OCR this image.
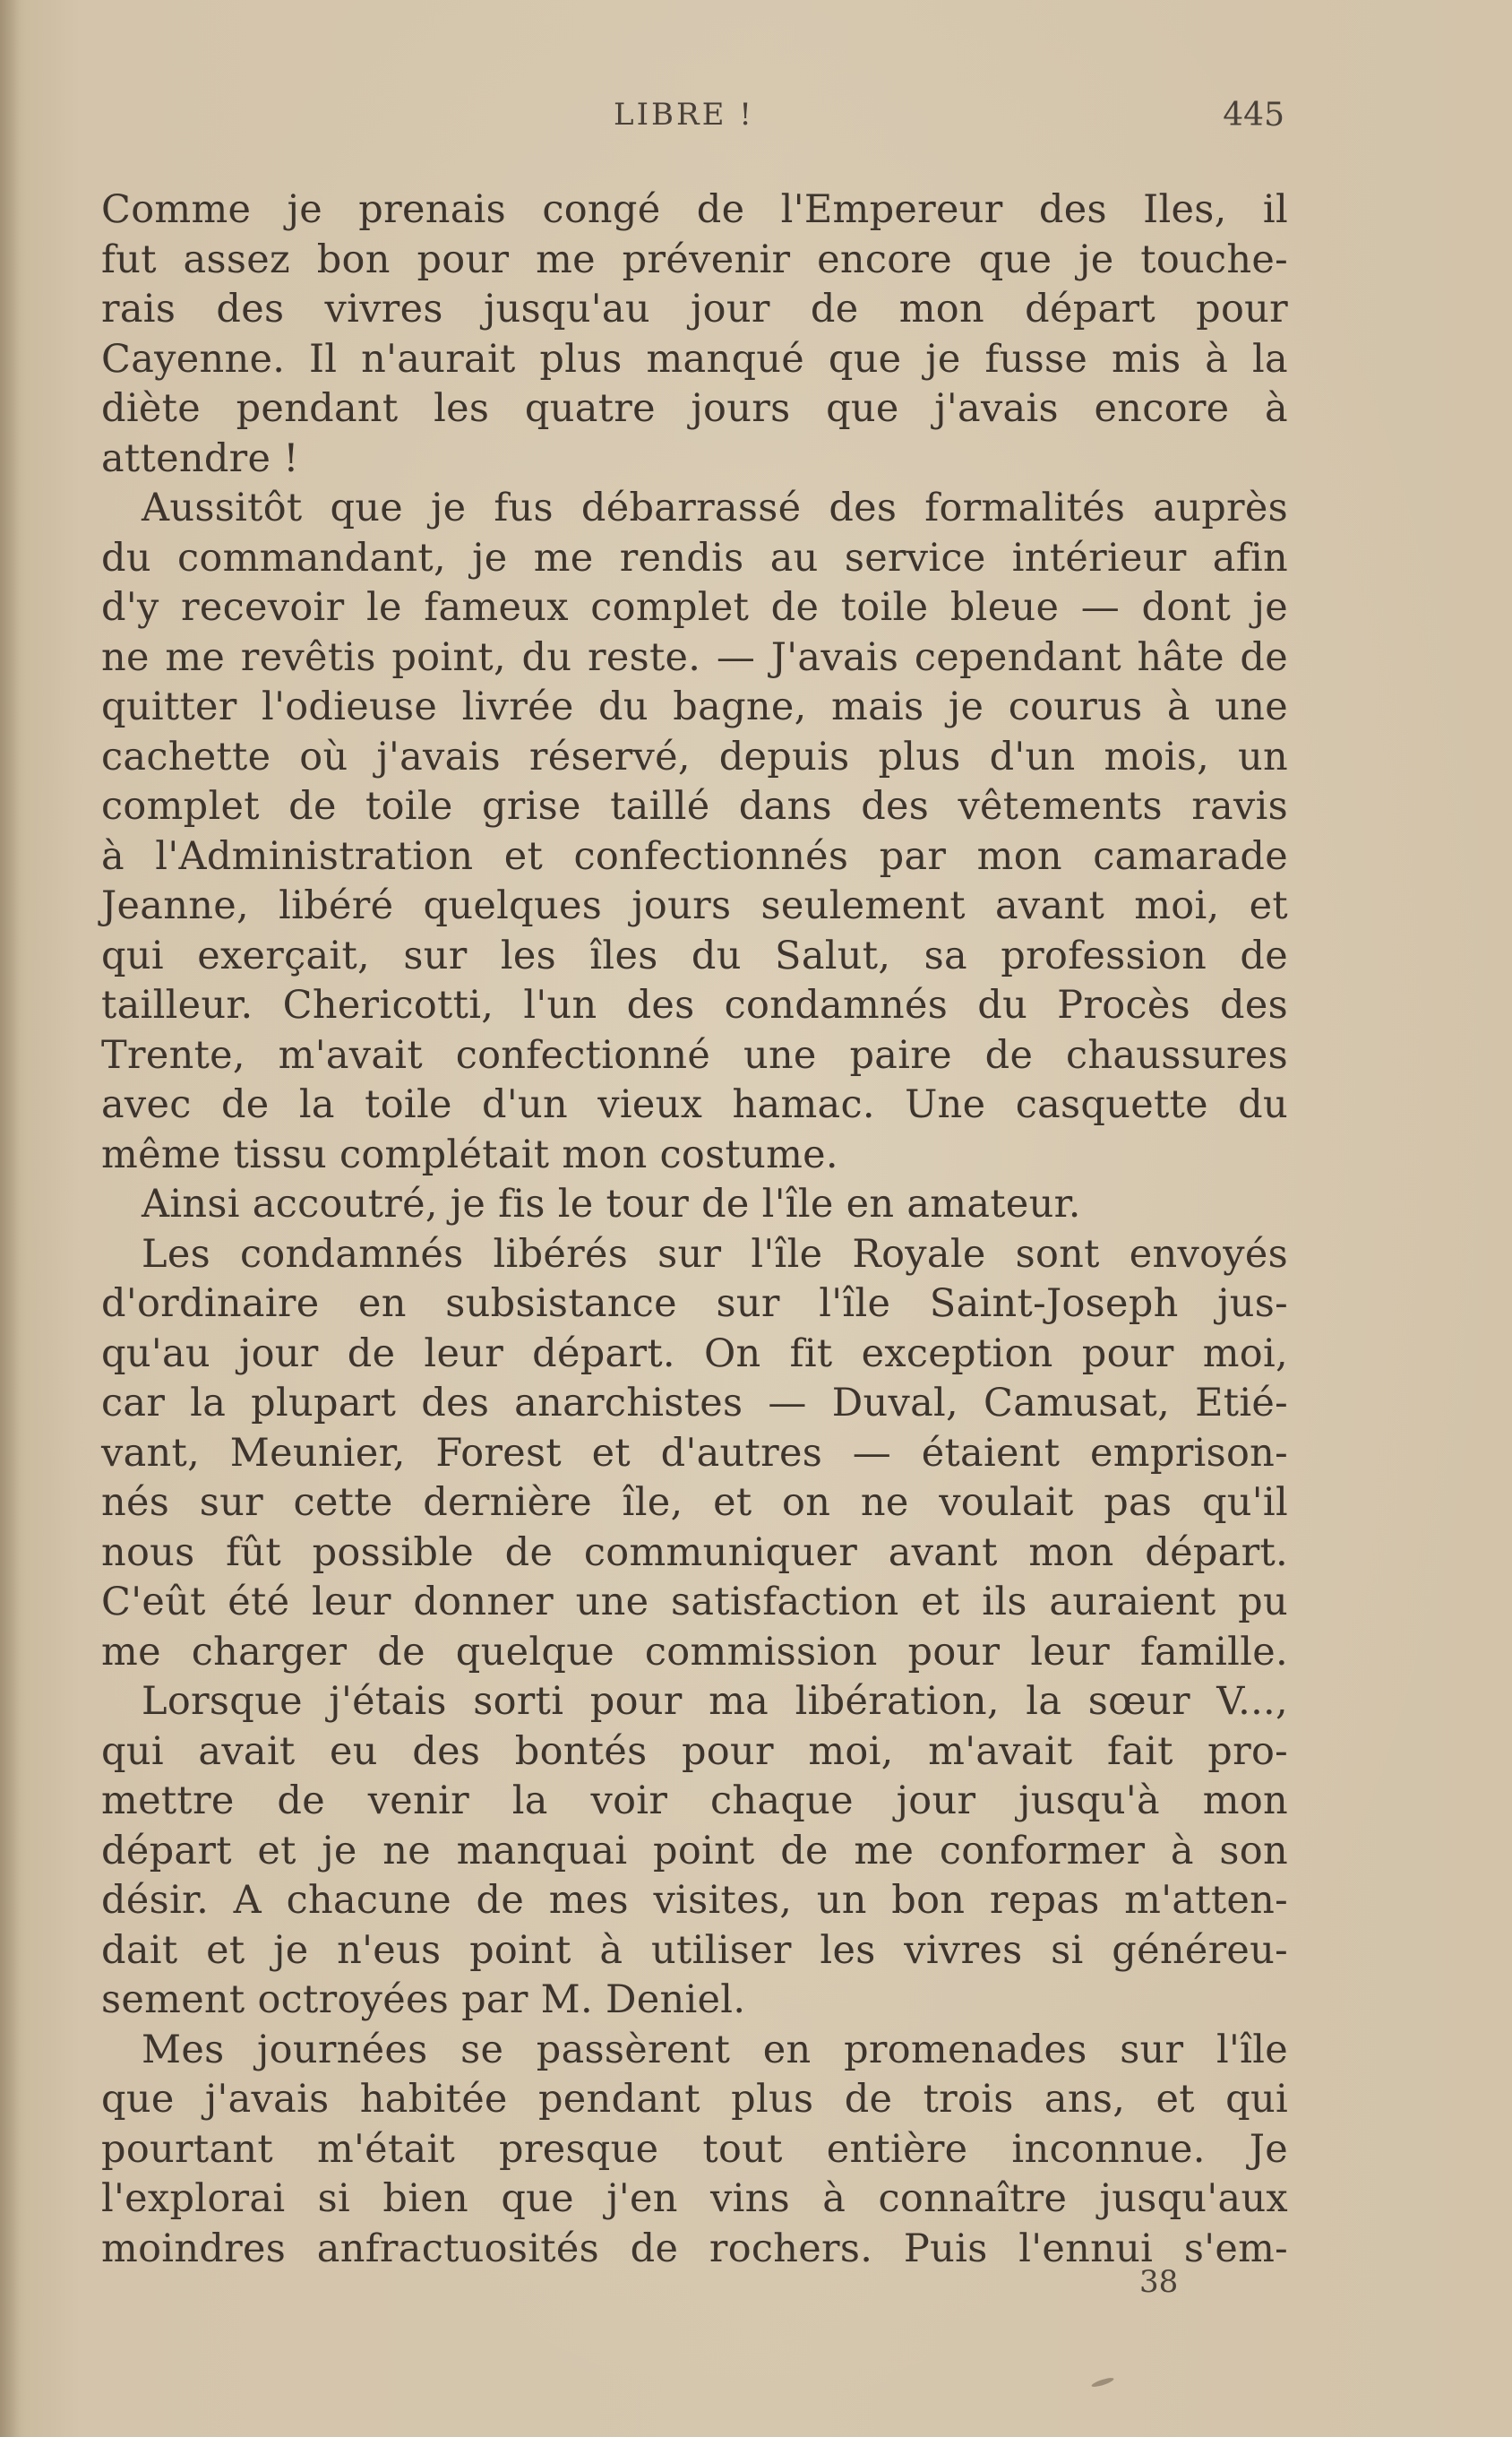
LIBRE !	445
Comme je prenais congé de l'Empereur des Iles, il
fut assez bon pour me prévenir encore que je touche-
rais des vivres jusqu'au jour de mon départ pour
Cayenne. Il n'aurait plus manqué que je fusse mis à la
diète pendant les quatre jours que j'avais encore à
attendre !
Aussitôt que je fus débarrassé des formalités auprès
du commandant, je me rendis au service intérieur afin
d'y recevoir le fameux complet de toile bleue — dont je
ne me revêtis point, du reste. — J'avais cependant hâte de
quitter l'odieuse livrée du bagne, mais je courus à une
cachette où j'avais réservé, depuis plus d'un mois, un
complet de toile grise taillé dans des vêtements ravis
à l'Administration et confectionnés par mon camarade
Jeanne, libéré quelques jours seulement avant moi, et
qui exerçait, sur les îles du Salut, sa profession de
tailleur. Chericotti, l'un des condamnés du Procès des
Trente, m'avait confectionné une paire de chaussures
avec de la toile d'un vieux hamac. Une casquette du
même tissu complétait mon costume.
Ainsi accoutré, je fis le tour de l'île en amateur.
Les condamnés libérés sur l'île Royale sont envoyés
d'ordinaire en subsistance sur l'île Saint-Joseph jus-
qu'au jour de leur départ. On fit exception pour moi,
car la plupart des anarchistes — Duval, Camusat, Etié-
vant, Meunier, Forest et d'autres — étaient emprison-
nés sur cette dernière île, et on ne voulait pas qu'il
nous fût possible de communiquer avant mon départ.
C'eût été leur donner une satisfaction et ils auraient pu
me charger de quelque commission pour leur famille.
Lorsque j'étais sorti pour ma libération, la sœur V...,
qui avait eu des bontés pour moi, m'avait fait pro-
mettre de venir la voir chaque jour jusqu'à mon
départ et je ne manquai point de me conformer à son
désir. A chacune de mes visites, un bon repas m'atten-
dait et je n'eus point à utiliser les vivres si généreu-
sement octroyées par M. Deniel.
Mes journées se passèrent en promenades sur l'île
que j'avais habitée pendant plus de trois ans, et qui
pourtant m'était presque tout entière inconnue. Je
l'explorai si bien que j'en vins à connaître jusqu'aux
moindres anfractuosités de rochers. Puis l'ennui s'em-
38
